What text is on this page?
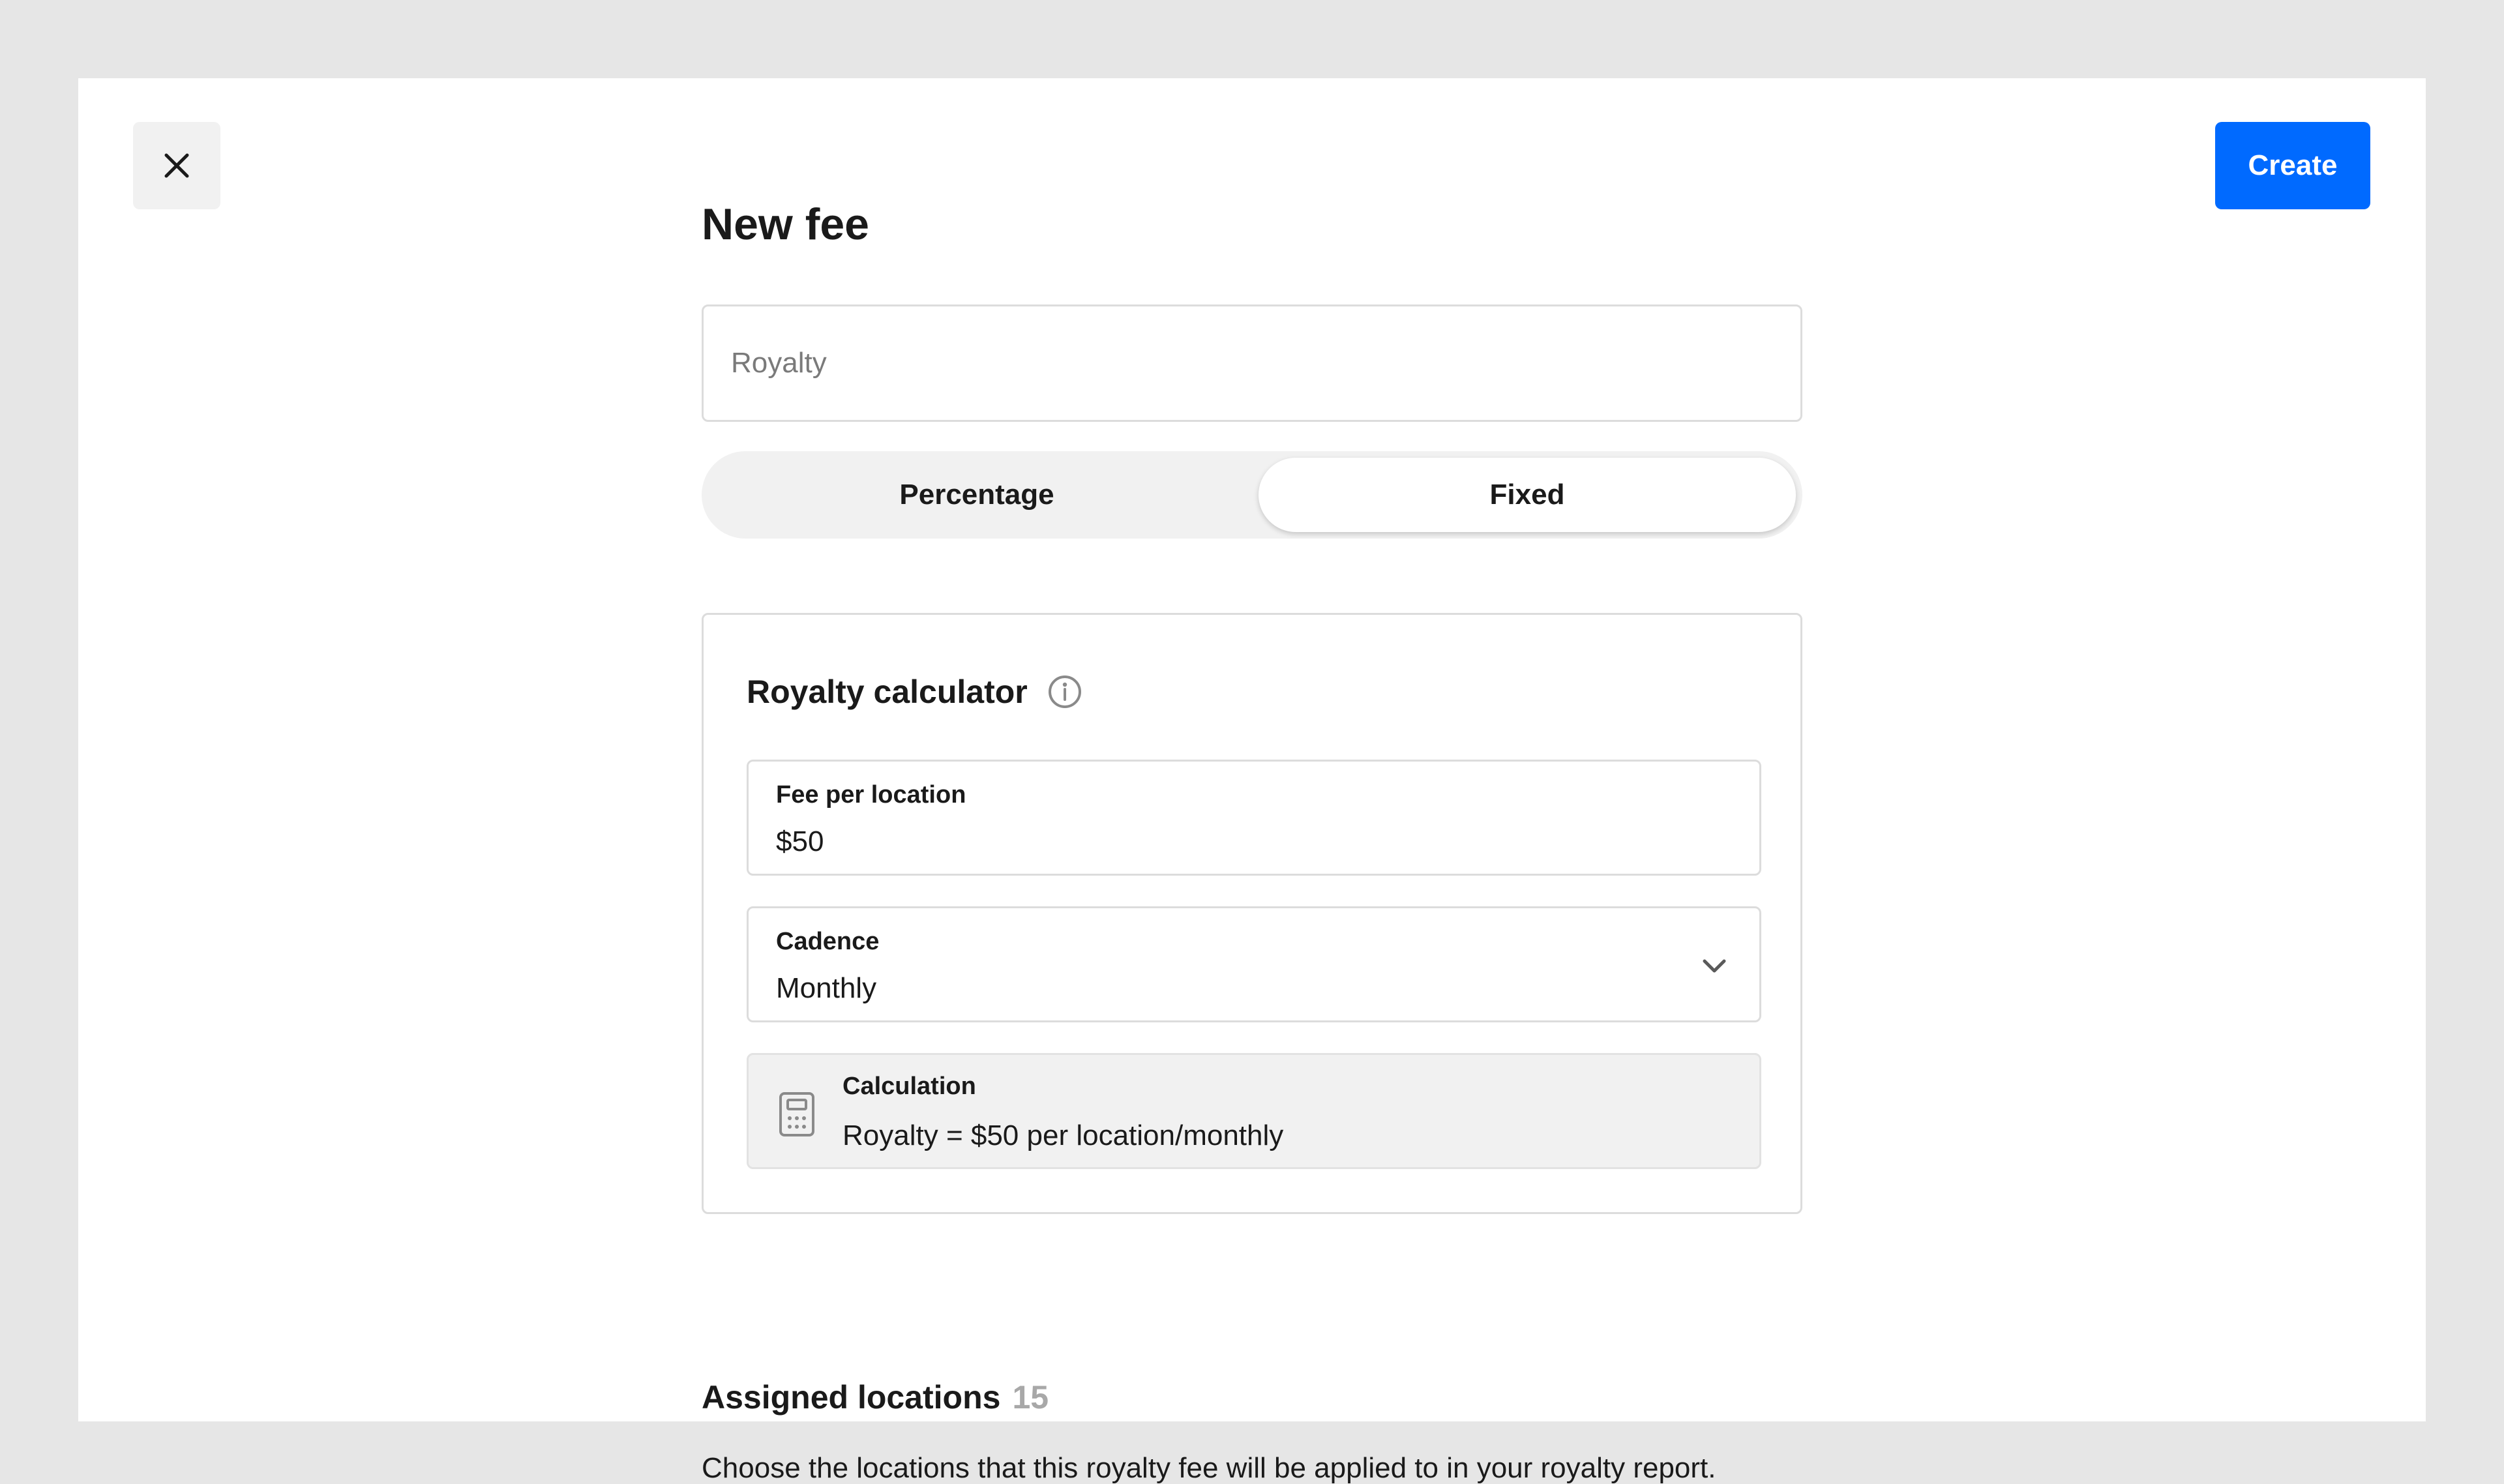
Create
New fee
Royalty
Percentage	Fixed
Royalty calculator
Fee per location
$50
Cadence
Monthly
Calculation
Royalty = $50 per location/monthly
Assigned locations 15
Choose the locations that this royalty fee will be applied to in your royalty report.
